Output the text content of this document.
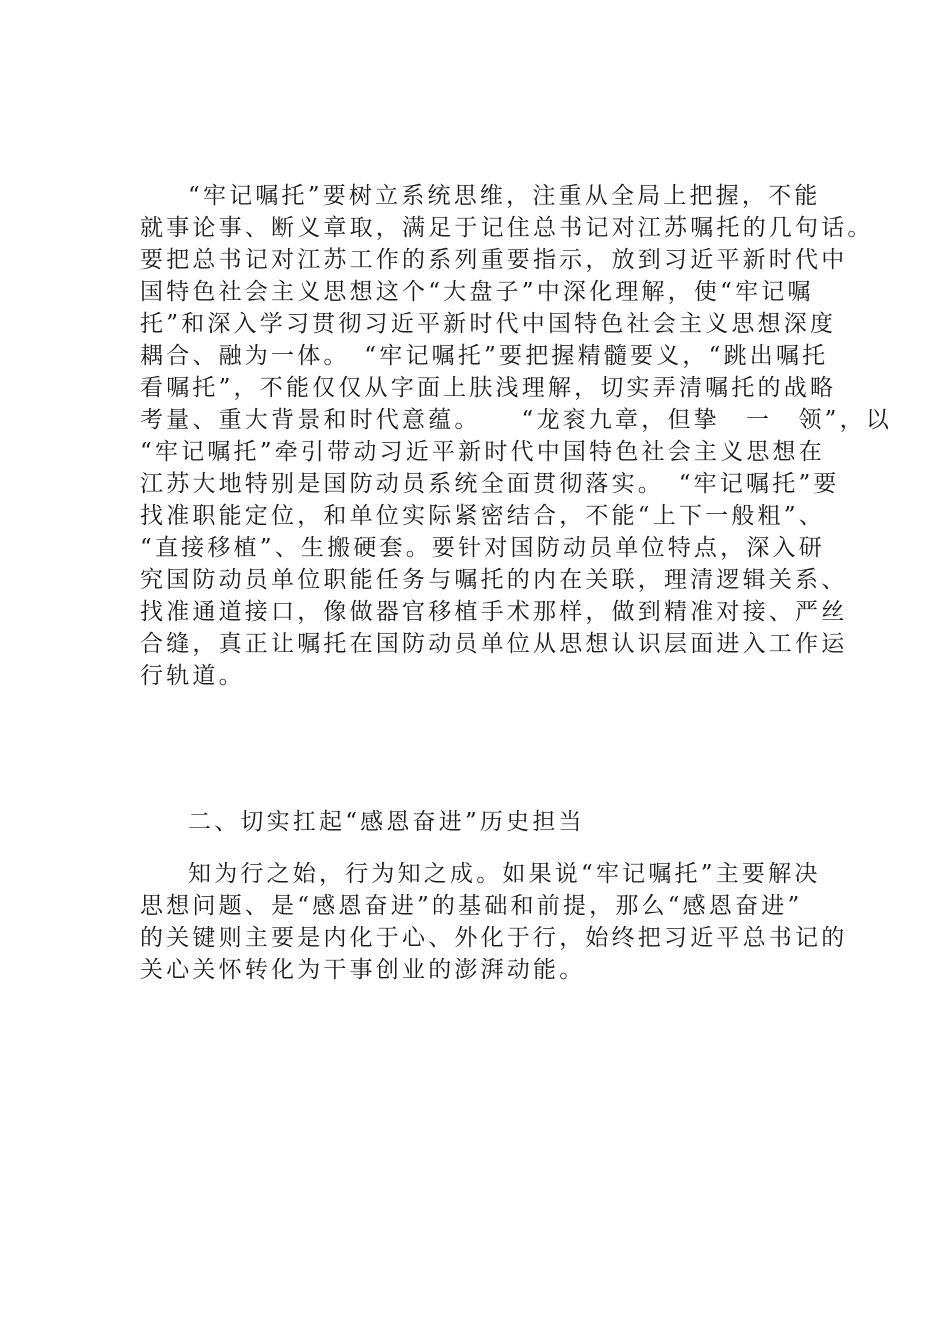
“牢记嘱托”要树立系统思维，注重从全局上把握，不能
就事论事、断义章取，满足于记住总书记对江苏嘱托的几句话。
要把总书记对江苏工作的系列重要指示，放到习近平新时代中
国特色社会主义思想这个“大盘子”中深化理解，使“牢记嘱
托”和深入学习贯彻习近平新时代中国特色社会主义思想深度
耦合、融为一体。　“牢记嘱托”要把握精髓要义，“跳出嘱托
看嘱托”，不能仅仅从字面上肤浅理解，切实弄清嘱托的战略
考量、重大背景和时代意蕴。　　“龙衮九章，但挚　一　领”，以
“牢记嘱托”牵引带动习近平新时代中国特色社会主义思想在
江苏大地特别是国防动员系统全面贯彻落实。　“牢记嘱托”要
找准职能定位，和单位实际紧密结合，不能“上下一般粗”、
“直接移植”、生搬硬套。要针对国防动员单位特点，深入研
究国防动员单位职能任务与嘱托的内在关联，理清逻辑关系、
找准通道接口，像做器官移植手术那样，做到精准对接、严丝
合缝，真正让嘱托在国防动员单位从思想认识层面进入工作运
行轨道。
二、切实扛起“感恩奋进”历史担当
知为行之始，行为知之成。如果说“牢记嘱托”主要解决
思想问题、是“感恩奋进”的基础和前提，那么“感恩奋进”
的关键则主要是内化于心、外化于行，始终把习近平总书记的
关心关怀转化为干事创业的澎湃动能。
